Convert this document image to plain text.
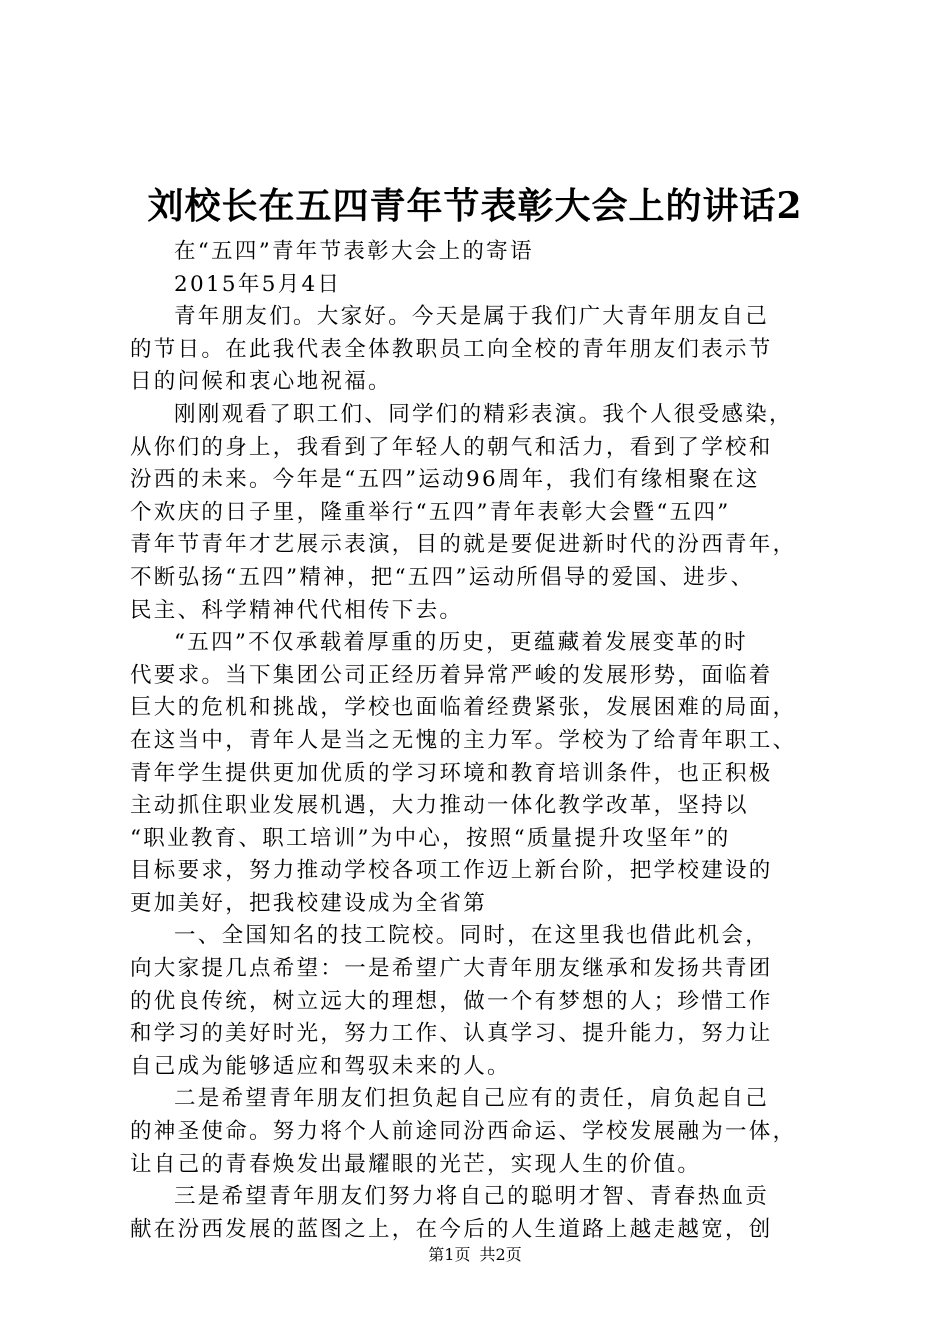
刘校长在五四青年节表彰大会上的讲话2
在“五四”青年节表彰大会上的寄语
2015年5月4日
青年朋友们。大家好。今天是属于我们广大青年朋友自己
的节日。在此我代表全体教职员工向全校的青年朋友们表示节
日的问候和衷心地祝福。
刚刚观看了职工们、同学们的精彩表演。我个人很受感染，
从你们的身上，我看到了年轻人的朝气和活力，看到了学校和
汾西的未来。今年是“五四”运动96周年，我们有缘相聚在这
个欢庆的日子里，隆重举行“五四”青年表彰大会暨“五四”
青年节青年才艺展示表演，目的就是要促进新时代的汾西青年，
不断弘扬“五四”精神，把“五四”运动所倡导的爱国、进步、
民主、科学精神代代相传下去。
“五四”不仅承载着厚重的历史，更蕴藏着发展变革的时
代要求。当下集团公司正经历着异常严峻的发展形势，面临着
巨大的危机和挑战，学校也面临着经费紧张，发展困难的局面，
在这当中，青年人是当之无愧的主力军。学校为了给青年职工、
青年学生提供更加优质的学习环境和教育培训条件，也正积极
主动抓住职业发展机遇，大力推动一体化教学改革，坚持以
“职业教育、职工培训”为中心，按照“质量提升攻坚年”的
目标要求，努力推动学校各项工作迈上新台阶，把学校建设的
更加美好，把我校建设成为全省第
一、全国知名的技工院校。同时，在这里我也借此机会，
向大家提几点希望：一是希望广大青年朋友继承和发扬共青团
的优良传统，树立远大的理想，做一个有梦想的人；珍惜工作
和学习的美好时光，努力工作、认真学习、提升能力，努力让
自己成为能够适应和驾驭未来的人。
二是希望青年朋友们担负起自己应有的责任，肩负起自己
的神圣使命。努力将个人前途同汾西命运、学校发展融为一体，
让自己的青春焕发出最耀眼的光芒，实现人生的价值。
三是希望青年朋友们努力将自己的聪明才智、青春热血贡
献在汾西发展的蓝图之上，在今后的人生道路上越走越宽，创
第1页 共2页
